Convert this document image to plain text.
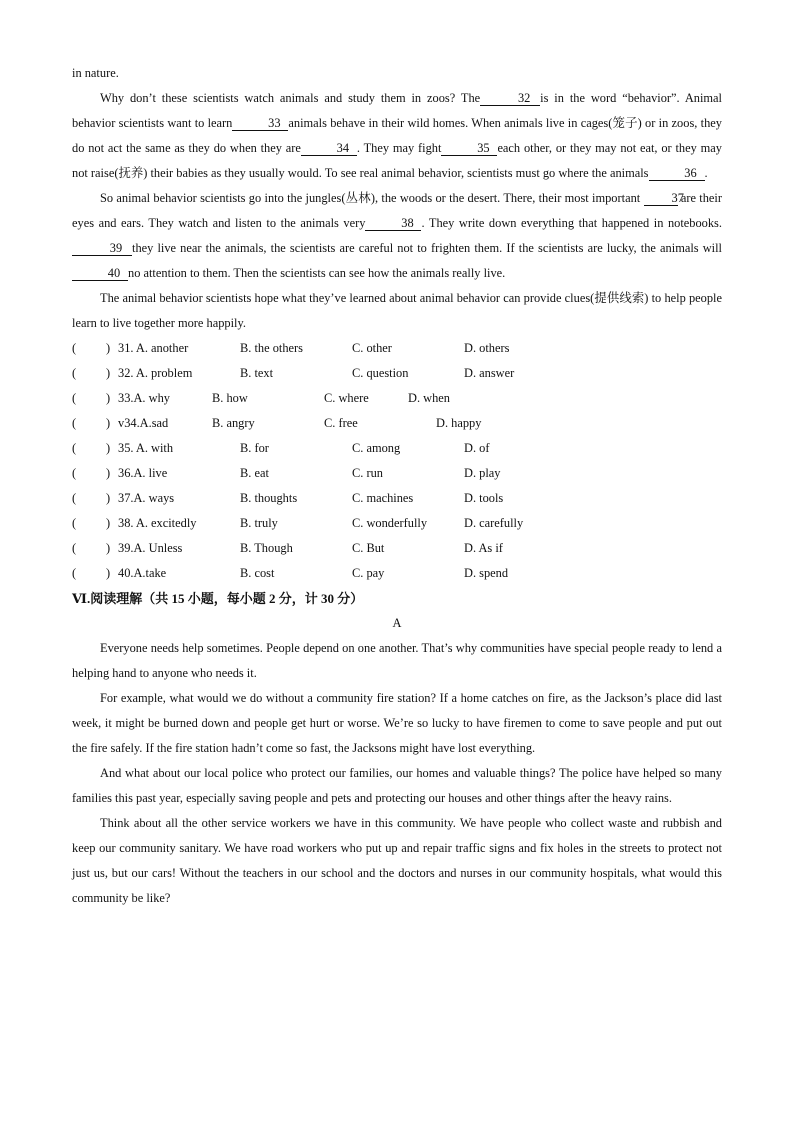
in nature.

Why don’t these scientists watch animals and study them in zoos? The	32 is in the word “behavior”. Animal behavior scientists want to learn	33 animals behave in their wild homes. When animals live in cages(笼子) or in zoos, they do not act the same as they do when they are	34 . They may fight	35 each other, or they may not eat, or they may not raise(抚养) their babies as they usually would. To see real animal behavior, scientists must go where the animals	36 .

So animal behavior scientists go into the jungles(丛林), the woods or the desert. There, their most important	37 are their eyes and ears. They watch and listen to the animals very	38 . They write down everything that happened in notebooks.39 they live near the animals, the scientists are careful not to frighten them. If the scientists are lucky, the animals will40 no attention to them. Then the scientists can see how the animals really live.

The animal behavior scientists hope what they’ve learned about animal behavior can provide clues(提供线索) to help people learn to live together more happily.

( ) 31. A. another	B. the others	C. other	D. others
( ) 32. A. problem	B. text	C. question	D. answer
( ) 33.A. why	B. how	C. where	D. when
( ) v34.A.sad	B. angry	C. free	D. happy
( ) 35. A. with	B. for	C. among	D. of
( ) 36.A. live	B. eat	C. run	D. play
( ) 37.A. ways	B. thoughts	C. machines	D. tools
( ) 38. A. excitedly	B. truly	C. wonderfully	D. carefully
( ) 39.A. Unless	B. Though	C. But	D. As if
( ) 40.A.take	B. cost	C. pay	D. spend

Ⅵ.阅读理解（共 15 小题，每小题 2 分，计 30 分）

A

Everyone needs help sometimes. People depend on one another. That’s why communities have special people ready to lend a helping hand to anyone who needs it.

For example, what would we do without a community fire station? If a home catches on fire, as the Jackson’s place did last week, it might be burned down and people get hurt or worse. We’re so lucky to have firemen to come to save people and put out the fire safely. If the fire station hadn’t come so fast, the Jacksons might have lost everything.

And what about our local police who protect our families, our homes and valuable things? The police have helped so many families this past year, especially saving people and pets and protecting our houses and other things after the heavy rains.

Think about all the other service workers we have in this community. We have people who collect waste and rubbish and keep our community sanitary. We have road workers who put up and repair traffic signs and fix holes in the streets to protect not just us, but our cars! Without the teachers in our school and the doctors and nurses in our community hospitals, what would this community be like?
